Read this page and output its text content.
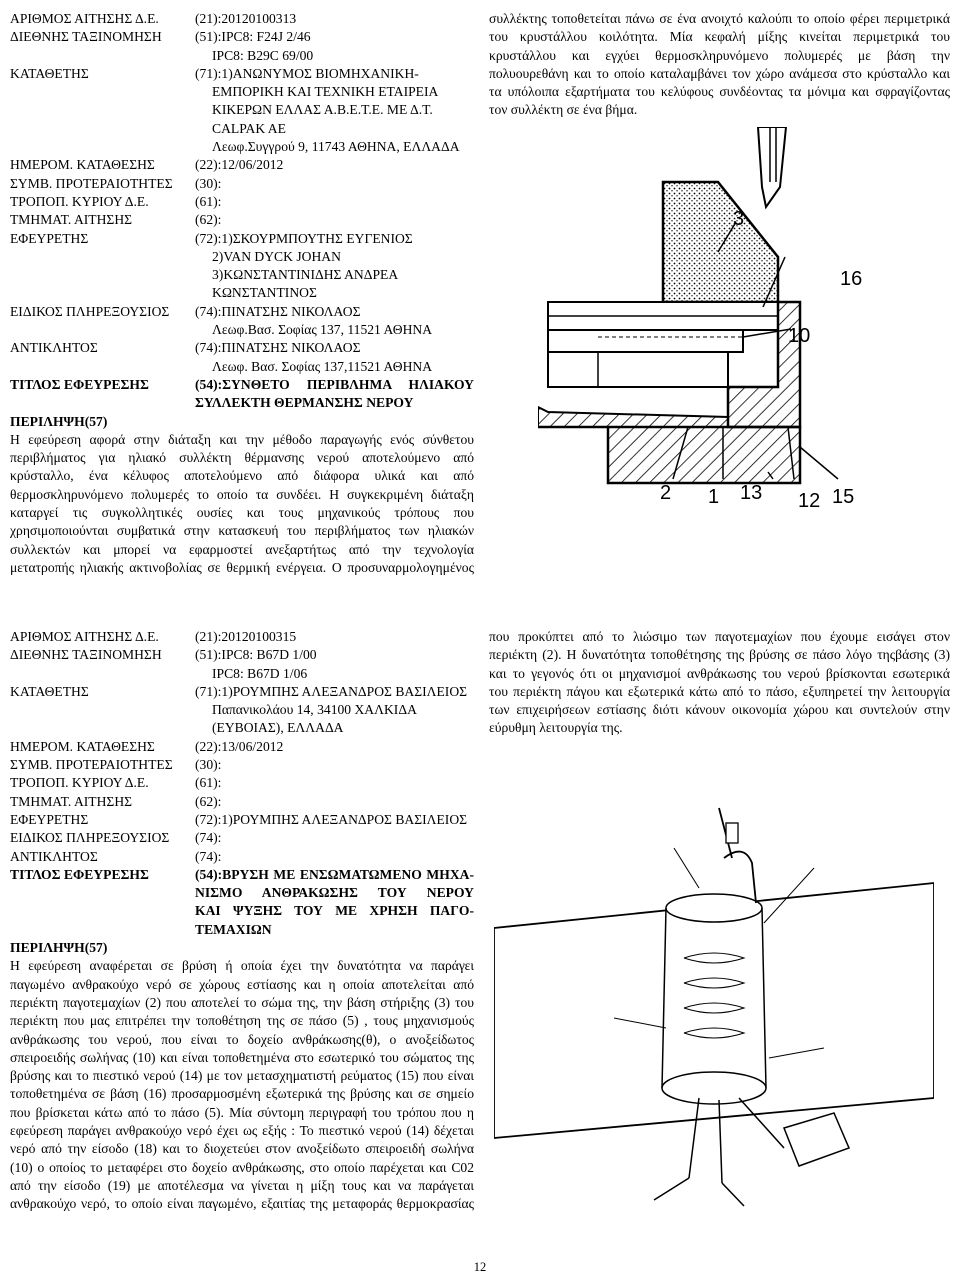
ΑΡΙΘΜΟΣ ΑΙΤΗΣΗΣ Δ.Ε.	(21):20120100313
ΔΙΕΘΝΗΣ ΤΑΞΙΝΟΜΗΣΗ (51):IPC8: F24J 2/46
IPC8: B29C 69/00
ΚΑΤΑΘΕΤΗΣ	(71):1)ΑΝΩΝΥΜΟΣ ΒΙΟΜΗΧΑΝΙΚΗ-
ΕΜΠΟΡΙΚΗ ΚΑΙ ΤΕΧΝΙΚΗ ΕΤΑΙΡΕΙΑ
ΚΙΚΕΡΩΝ ΕΛΛΑΣ Α.Β.Ε.Τ.Ε. ΜΕ Δ.Τ.
CALPAK AE
Λεωφ.Συγγρού 9, 11743 ΑΘΗΝΑ, ΕΛΛΑΔΑ
ΗΜΕΡΟΜ. ΚΑΤΑΘΕΣΗΣ	(22):12/06/2012
ΣΥΜΒ. ΠΡΟΤΕΡΑΙΟΤΗΤΕΣ (30):
ΤΡΟΠΟΠ. ΚΥΡΙΟΥ Δ.Ε.	(61):
ΤΜΗΜΑΤ. ΑΙΤΗΣΗΣ	(62):
ΕΦΕΥΡΕΤΗΣ	(72):1)ΣΚΟΥΡΜΠΟΥΤΗΣ ΕΥΓΕΝΙΟΣ
2)VAN DYCK JOHAN
3)ΚΩΝΣΤΑΝΤΙΝΙΔΗΣ ΑΝΔΡΕΑ
ΚΩΝΣΤΑΝΤΙΝΟΣ
ΕΙΔΙΚΟΣ ΠΛΗΡΕΞΟΥΣΙΟΣ (74):ΠΙΝΑΤΣΗΣ ΝΙΚΟΛΑΟΣ
Λεωφ.Βασ. Σοφίας 137, 11521 ΑΘΗΝΑ
ΑΝΤΙΚΛΗΤΟΣ	(74):ΠΙΝΑΤΣΗΣ ΝΙΚΟΛΑΟΣ
Λεωφ. Βασ. Σοφίας 137,11521 ΑΘΗΝΑ
ΤΙΤΛΟΣ ΕΦΕΥΡΕΣΗΣ	(54):ΣΥΝΘΕΤΟ ΠΕΡΙΒΛΗΜΑ ΗΛΙΑΚΟΥ
ΣΥΛΛΕΚΤΗ ΘΕΡΜΑΝΣΗΣ ΝΕΡΟΥ
ΠΕΡΙΛΗΨΗ(57)
Η εφεύρεση αφορά στην διάταξη και την μέθοδο παραγωγής ενός σύνθετου
περιβλήματος για ηλιακό συλλέκτη θέρμανσης νερού αποτελούμενο από
κρύσταλλο, ένα κέλυφος αποτελούμενο από διάφορα υλικά και από
θερμοσκληρυνόμενο πολυμερές το οποίο τα συνδέει. Η συγκεκριμένη διάταξη
καταργεί τις συγκολλητικές ουσίες και τους μηχανικούς τρόπους που
χρησιμοποιούνται συμβατικά στην κατασκευή του περιβλήματος των ηλιακών
συλλεκτών και μπορεί να εφαρμοστεί ανεξαρτήτως από την τεχνολογία
μετατροπής ηλιακής ακτινοβολίας σε θερμική ενέργεια. Ο προσυναρμολογημένος
συλλέκτης τοποθετείται πάνω σε ένα ανοιχτό καλούπι το οποίο φέρει περιμετρικά
του κρυστάλλου κοιλότητα. Μία κεφαλή μίξης κινείται περιμετρικά του
κρυστάλλου και εγχύει θερμοσκληρυνόμενο πολυμερές με βάση την
πολυουρεθάνη και το οποίο καταλαμβάνει τον χώρο ανάμεσα στο κρύσταλλο και
τα υπόλοιπα εξαρτήματα του κελύφους συνδέοντας τα μόνιμα και σφραγίζοντας
τον συλλέκτη σε ένα βήμα.
3
16
10
2 1 13 12 15
ΑΡΙΘΜΟΣ ΑΙΤΗΣΗΣ Δ.Ε.	(21):20120100315
ΔΙΕΘΝΗΣ ΤΑΞΙΝΟΜΗΣΗ (51):IPC8: B67D 1/00
IPC8: B67D 1/06
ΚΑΤΑΘΕΤΗΣ	(71):1)ΡΟΥΜΠΗΣ ΑΛΕΞΑΝΔΡΟΣ ΒΑΣΙΛΕΙΟΣ
Παπανικολάου 14, 34100 ΧΑΛΚΙΔΑ
(ΕΥΒΟΙΑΣ), ΕΛΛΑΔΑ
ΗΜΕΡΟΜ. ΚΑΤΑΘΕΣΗΣ	(22):13/06/2012
ΣΥΜΒ. ΠΡΟΤΕΡΑΙΟΤΗΤΕΣ (30):
ΤΡΟΠΟΠ. ΚΥΡΙΟΥ Δ.Ε.	(61):
ΤΜΗΜΑΤ. ΑΙΤΗΣΗΣ	(62):
ΕΦΕΥΡΕΤΗΣ	(72):1)ΡΟΥΜΠΗΣ ΑΛΕΞΑΝΔΡΟΣ ΒΑΣΙΛΕΙΟΣ
ΕΙΔΙΚΟΣ ΠΛΗΡΕΞΟΥΣΙΟΣ (74):
ΑΝΤΙΚΛΗΤΟΣ	(74):
ΤΙΤΛΟΣ ΕΦΕΥΡΕΣΗΣ	(54):ΒΡΥΣΗ ΜΕ ΕΝΣΩΜΑΤΩΜΕΝΟ ΜΗΧΑ-
ΝΙΣΜΟ ΑΝΘΡΑΚΩΣΗΣ ΤΟΥ ΝΕΡΟΥ
ΚΑΙ ΨΥΞΗΣ ΤΟΥ ΜΕ ΧΡΗΣΗ ΠΑΓΟ-
ΤΕΜΑΧΙΩΝ
ΠΕΡΙΛΗΨΗ(57)
Η εφεύρεση αναφέρεται σε βρύση ή οποία έχει την δυνατότητα να παράγει
παγωμένο ανθρακούχο νερό σε χώρους εστίασης και η οποία αποτελείται από
περιέκτη παγοτεμαχίων (2) που αποτελεί το σώμα της, την βάση στήριξης (3) του
περιέκτη που μας επιτρέπει την τοποθέτηση της σε πάσο (5) , τους μηχανισμούς
ανθράκωσης του νερού, που είναι το δοχείο ανθράκωσης(θ), ο ανοξείδωτος
σπειροειδής σωλήνας (10) και είναι τοποθετημένα στο εσωτερικό του σώματος της
βρύσης και το πιεστικό νερού (14) με τον μετασχηματιστή ρεύματος (15) που είναι
τοποθετημένα σε βάση (16) προσαρμοσμένη εξωτερικά της βρύσης και σε σημείο
που βρίσκεται κάτω από το πάσο (5). Μία σύντομη περιγραφή του τρόπου που η
εφεύρεση παράγει ανθρακούχο νερό έχει ως εξής : Το πιεστικό νερού (14) δέχεται
νερό από την είσοδο (18) και το διοχετεύει στον ανοξείδωτο σπειροειδή σωλήνα
(10) ο οποίος το μεταφέρει στο δοχείο ανθράκωσης, στο οποίο παρέχεται και C02
από την είσοδο (19) με αποτέλεσμα να γίνεται η μίξη τους και να παράγεται
ανθρακούχο νερό, το οποίο είναι παγωμένο, εξαιτίας της μεταφοράς θερμοκρασίας
που προκύπτει από το λιώσιμο των παγοτεμαχίων που έχουμε εισάγει στον
περιέκτη (2). Η δυνατότητα τοποθέτησης της βρύσης σε πάσο λόγο τηςβάσης (3)
και το γεγονός ότι οι μηχανισμοί ανθράκωσης του νερού βρίσκονται εσωτερικά
του περιέκτη πάγου και εξωτερικά κάτω από το πάσο, εξυπηρετεί την λειτουργία
των επιχειρήσεων εστίασης διότι κάνουν οικονομία χώρου και συντελούν στην
εύρυθμη λειτουργία της.
12
